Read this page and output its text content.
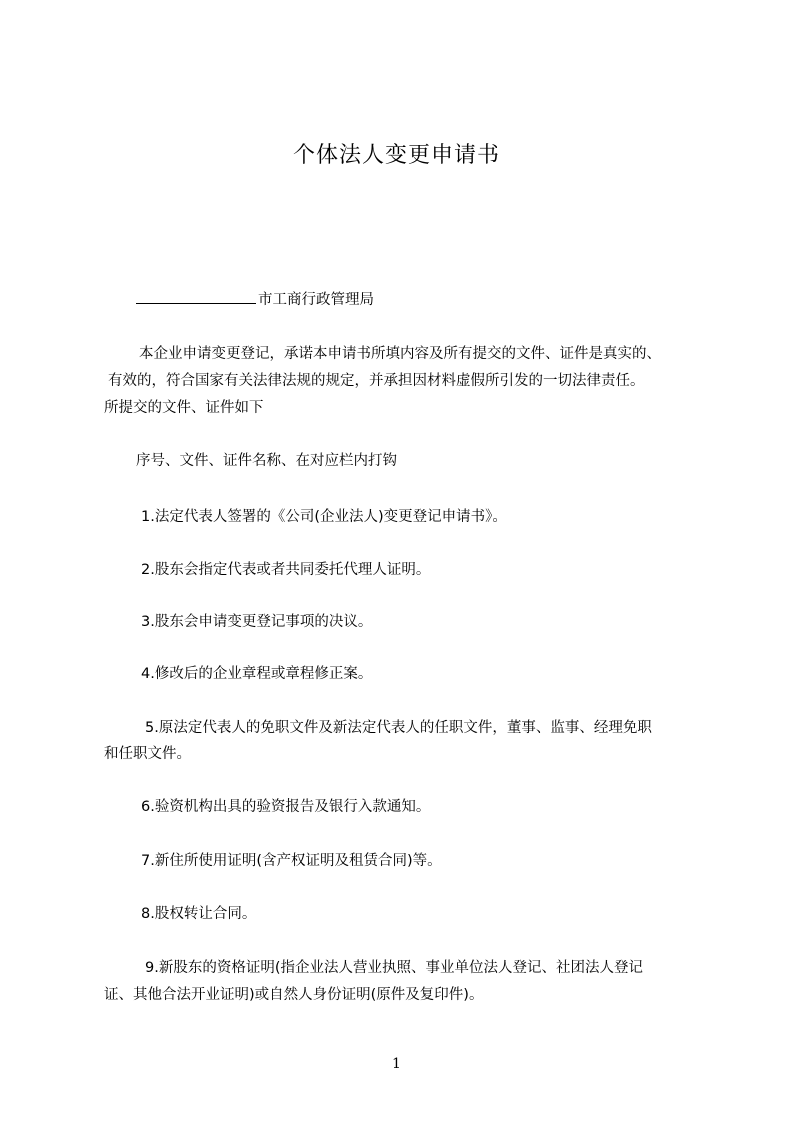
个体法人变更申请书
市工商行政管理局
本企业申请变更登记，承诺本申请书所填内容及所有提交的文件、证件是真实的、
有效的，符合国家有关法律法规的规定，并承担因材料虚假所引发的一切法律责任。
所提交的文件、证件如下
序号、文件、证件名称、在对应栏内打钩
1.法定代表人签署的《公司(企业法人)变更登记申请书》。
2.股东会指定代表或者共同委托代理人证明。
3.股东会申请变更登记事项的决议。
4.修改后的企业章程或章程修正案。
5.原法定代表人的免职文件及新法定代表人的任职文件，董事、监事、经理免职
和任职文件。
6.验资机构出具的验资报告及银行入款通知。
7.新住所使用证明(含产权证明及租赁合同)等。
8.股权转让合同。
9.新股东的资格证明(指企业法人营业执照、事业单位法人登记、社团法人登记
证、其他合法开业证明)或自然人身份证明(原件及复印件)。
1
